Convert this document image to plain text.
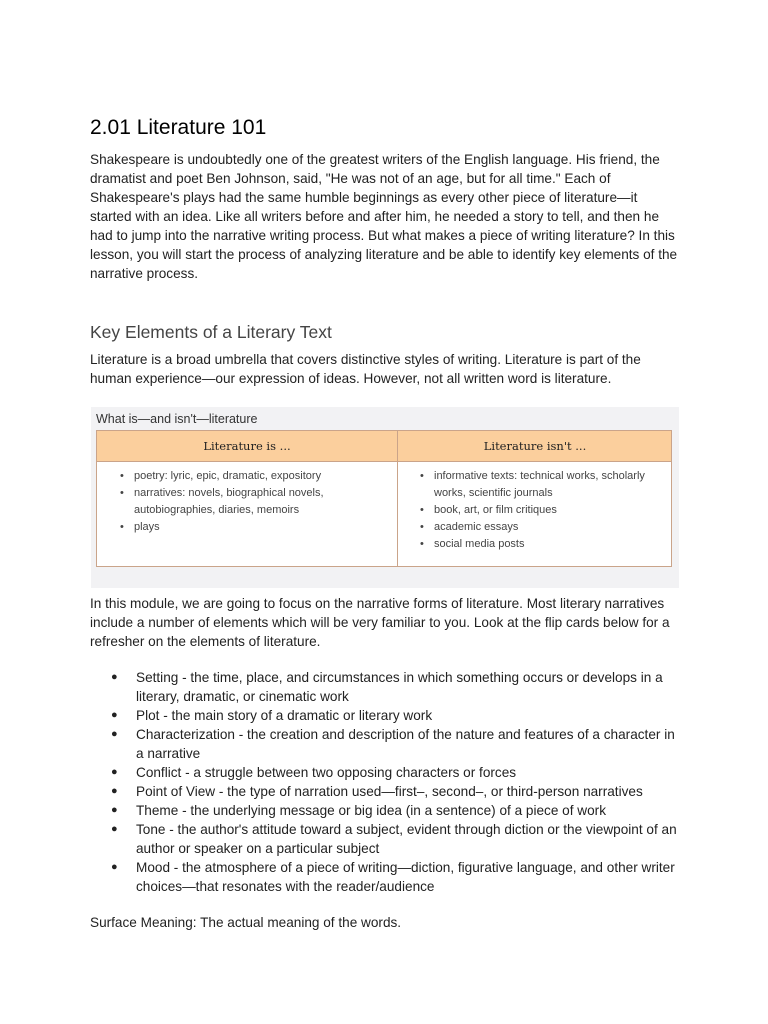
2.01 Literature 101

Shakespeare is undoubtedly one of the greatest writers of the English language. His friend, the dramatist and poet Ben Johnson, said, "He was not of an age, but for all time." Each of Shakespeare's plays had the same humble beginnings as every other piece of literature—it started with an idea. Like all writers before and after him, he needed a story to tell, and then he had to jump into the narrative writing process. But what makes a piece of writing literature? In this lesson, you will start the process of analyzing literature and be able to identify key elements of the narrative process.

Key Elements of a Literary Text

Literature is a broad umbrella that covers distinctive styles of writing. Literature is part of the human experience—our expression of ideas. However, not all written word is literature.

What is—and isn't—literature
Literature is ...	Literature isn't ...
• poetry: lyric, epic, dramatic, expository
• narratives: novels, biographical novels, autobiographies, diaries, memoirs
• plays
• informative texts: technical works, scholarly works, scientific journals
• book, art, or film critiques
• academic essays
• social media posts

In this module, we are going to focus on the narrative forms of literature. Most literary narratives include a number of elements which will be very familiar to you. Look at the flip cards below for a refresher on the elements of literature.

● Setting - the time, place, and circumstances in which something occurs or develops in a literary, dramatic, or cinematic work
● Plot - the main story of a dramatic or literary work
● Characterization - the creation and description of the nature and features of a character in a narrative
● Conflict - a struggle between two opposing characters or forces
● Point of View - the type of narration used—first–, second–, or third-person narratives
● Theme - the underlying message or big idea (in a sentence) of a piece of work
● Tone - the author's attitude toward a subject, evident through diction or the viewpoint of an author or speaker on a particular subject
● Mood - the atmosphere of a piece of writing—diction, figurative language, and other writer choices—that resonates with the reader/audience

Surface Meaning: The actual meaning of the words.
